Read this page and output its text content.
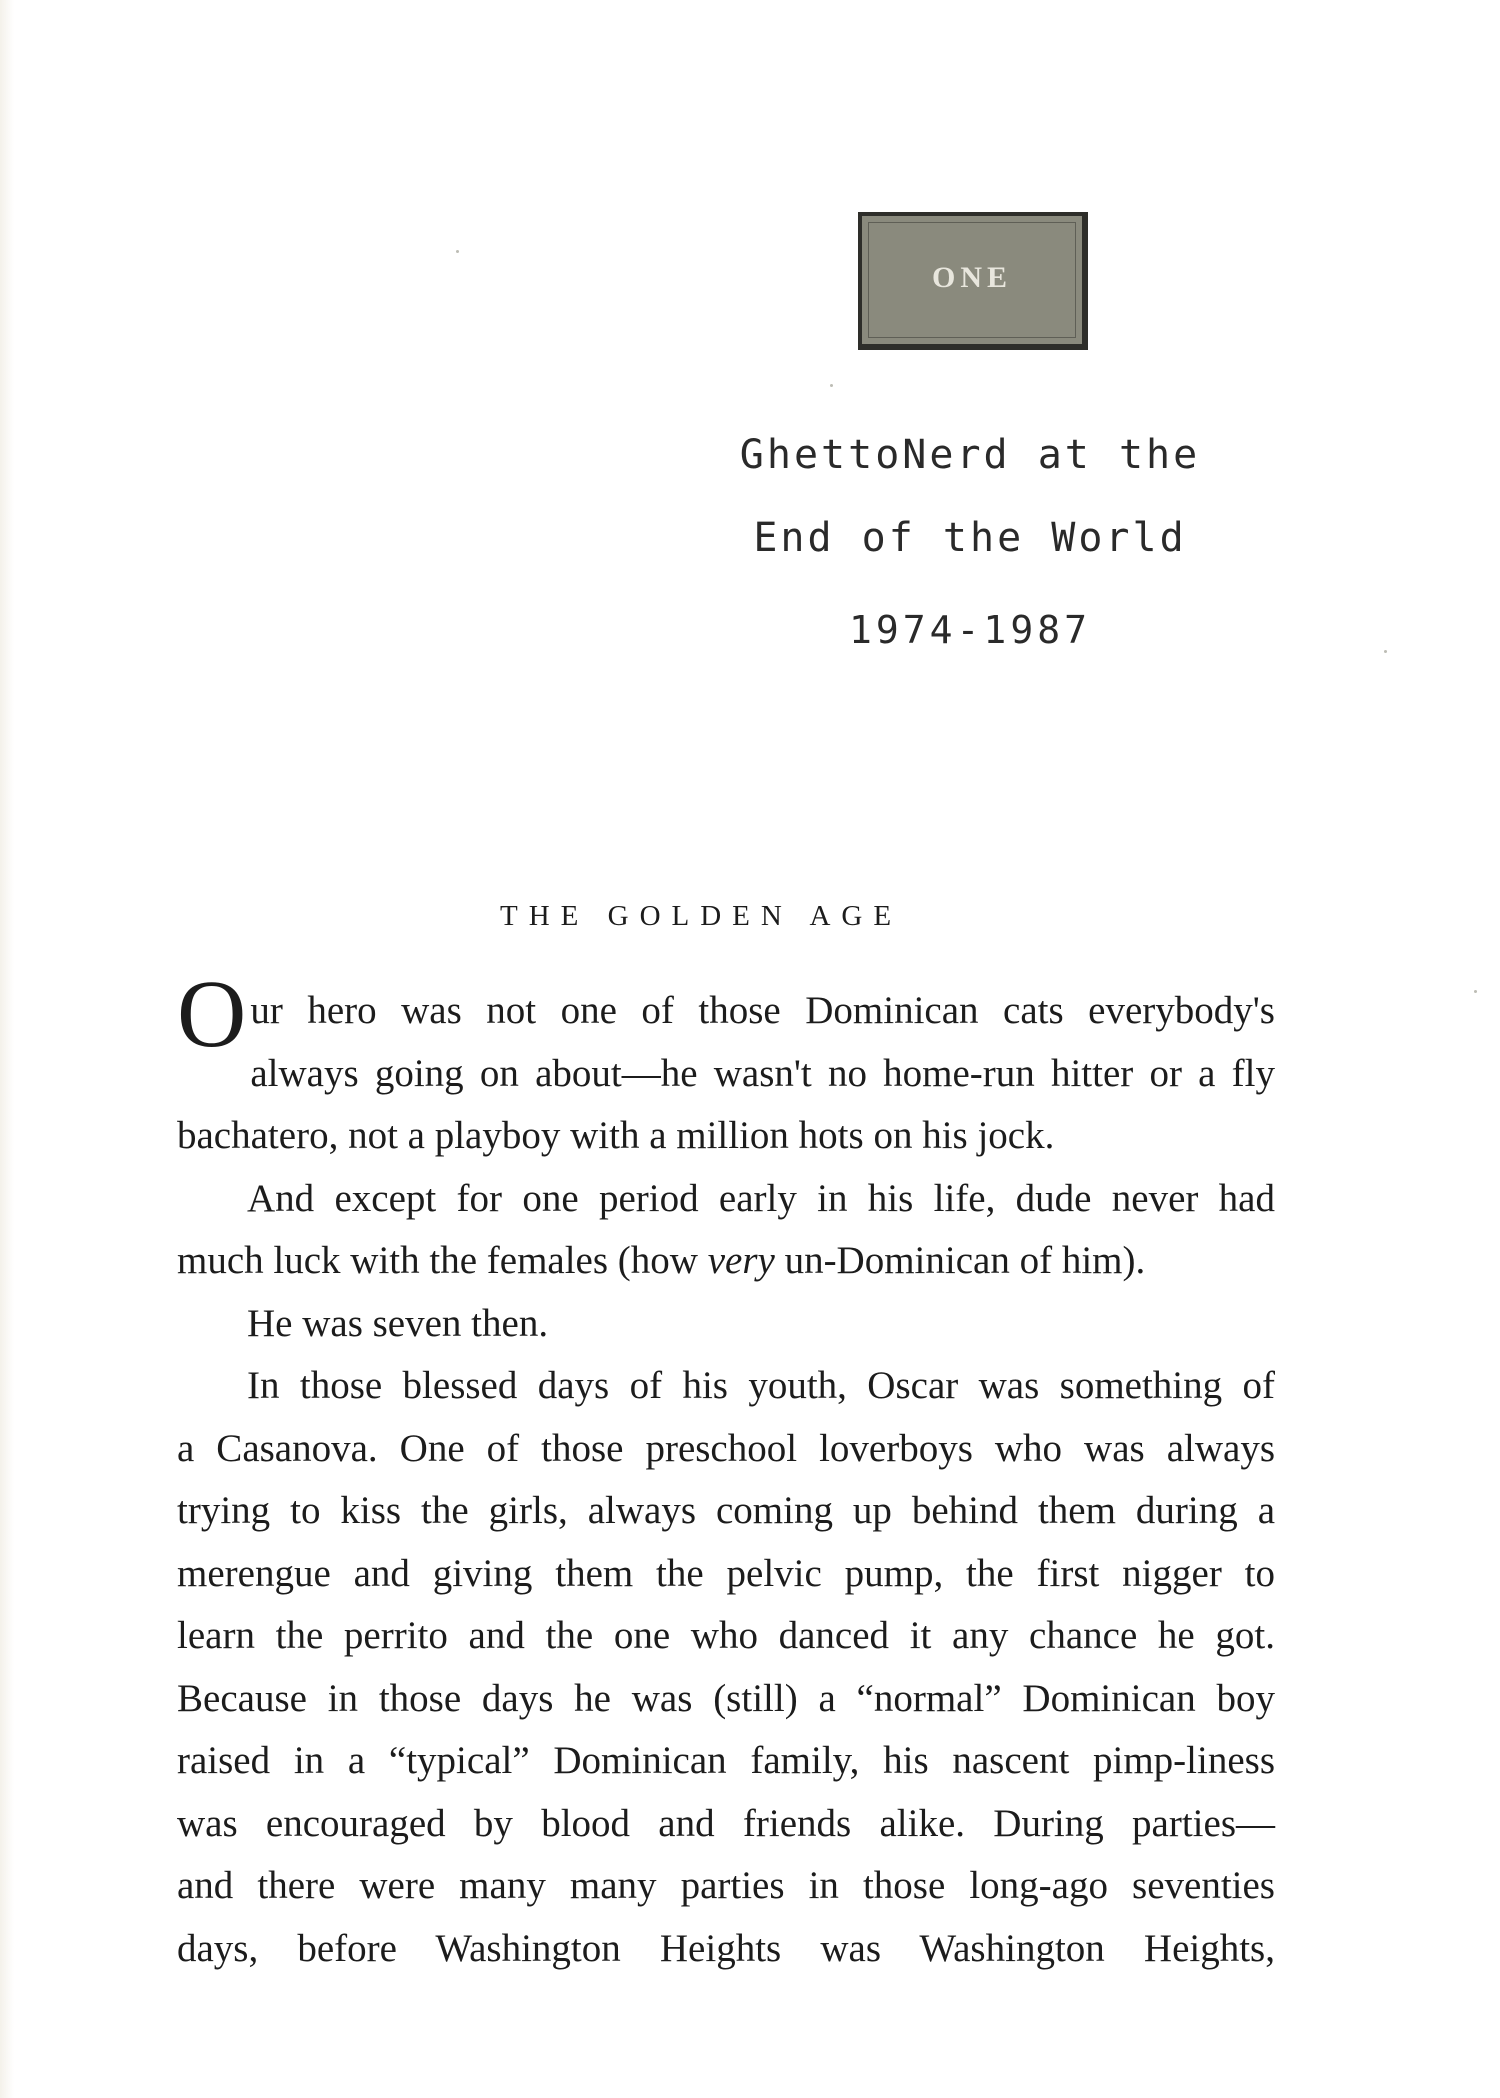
ONE
GhettoNerd at the
End of the World
1974-1987
THE GOLDEN AGE
Our hero was not one of those Dominican cats everybody's
always going on about—he wasn't no home-run hitter or a fly
bachatero, not a playboy with a million hots on his jock.
And except for one period early in his life, dude never had
much luck with the females (how very un-Dominican of him).
He was seven then.
In those blessed days of his youth, Oscar was something of
a Casanova. One of those preschool loverboys who was always
trying to kiss the girls, always coming up behind them during a
merengue and giving them the pelvic pump, the first nigger to
learn the perrito and the one who danced it any chance he got.
Because in those days he was (still) a “normal” Dominican boy
raised in a “typical” Dominican family, his nascent pimp-liness
was encouraged by blood and friends alike. During parties—
and there were many many parties in those long-ago seventies
days, before Washington Heights was Washington Heights,
